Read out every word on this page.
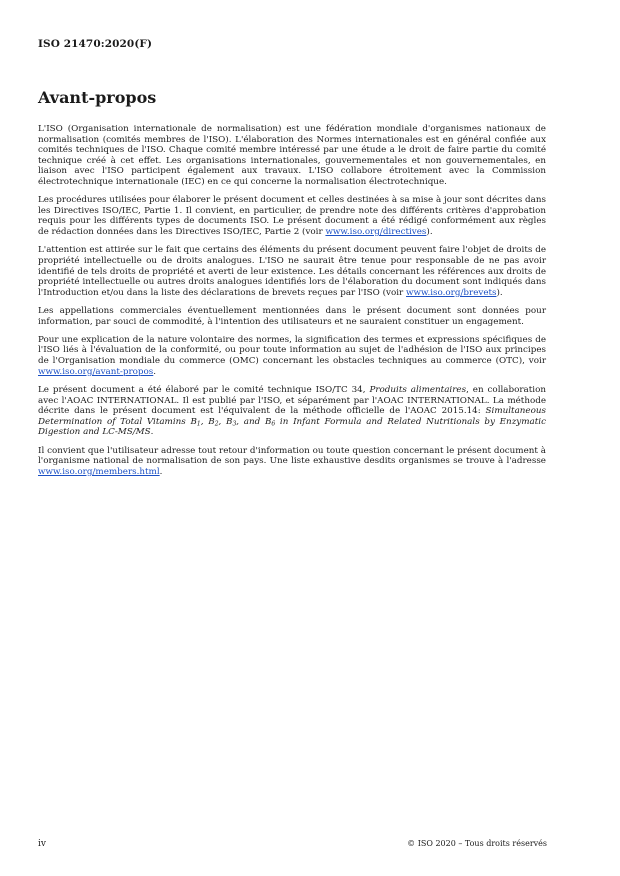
ISO 21470:2020(F)
Avant-propos

L'ISO (Organisation internationale de normalisation) est une fédération mondiale d'organismes nationaux de normalisation (comités membres de l'ISO). L'élaboration des Normes internationales est en général confiée aux comités techniques de l'ISO. Chaque comité membre intéressé par une étude a le droit de faire partie du comité technique créé à cet effet. Les organisations internationales, gouvernementales et non gouvernementales, en liaison avec l'ISO participent également aux travaux. L'ISO collabore étroitement avec la Commission électrotechnique internationale (IEC) en ce qui concerne la normalisation électrotechnique.

Les procédures utilisées pour élaborer le présent document et celles destinées à sa mise à jour sont décrites dans les Directives ISO/IEC, Partie 1. Il convient, en particulier, de prendre note des différents critères d'approbation requis pour les différents types de documents ISO. Le présent document a été rédigé conformément aux règles de rédaction données dans les Directives ISO/IEC, Partie 2 (voir www.iso.org/directives).

L'attention est attirée sur le fait que certains des éléments du présent document peuvent faire l'objet de droits de propriété intellectuelle ou de droits analogues. L'ISO ne saurait être tenue pour responsable de ne pas avoir identifié de tels droits de propriété et averti de leur existence. Les détails concernant les références aux droits de propriété intellectuelle ou autres droits analogues identifiés lors de l'élaboration du document sont indiqués dans l'Introduction et/ou dans la liste des déclarations de brevets reçues par l'ISO (voir www.iso.org/brevets).

Les appellations commerciales éventuellement mentionnées dans le présent document sont données pour information, par souci de commodité, à l'intention des utilisateurs et ne sauraient constituer un engagement.

Pour une explication de la nature volontaire des normes, la signification des termes et expressions spécifiques de l'ISO liés à l'évaluation de la conformité, ou pour toute information au sujet de l'adhésion de l'ISO aux principes de l'Organisation mondiale du commerce (OMC) concernant les obstacles techniques au commerce (OTC), voir www.iso.org/avant-propos.

Le présent document a été élaboré par le comité technique ISO/TC 34, Produits alimentaires, en collaboration avec l'AOAC INTERNATIONAL. Il est publié par l'ISO, et séparément par l'AOAC INTERNATIONAL. La méthode décrite dans le présent document est l'équivalent de la méthode officielle de l'AOAC 2015.14: Simultaneous Determination of Total Vitamins $B_1$, $B_2$, $B_3$, and $B_6$ in Infant Formula and Related Nutritionals by Enzymatic Digestion and LC-MS/MS.

Il convient que l'utilisateur adresse tout retour d'information ou toute question concernant le présent document à l'organisme national de normalisation de son pays. Une liste exhaustive desdits organismes se trouve à l'adresse www.iso.org/members.html.

iv	© ISO 2020 – Tous droits réservés
